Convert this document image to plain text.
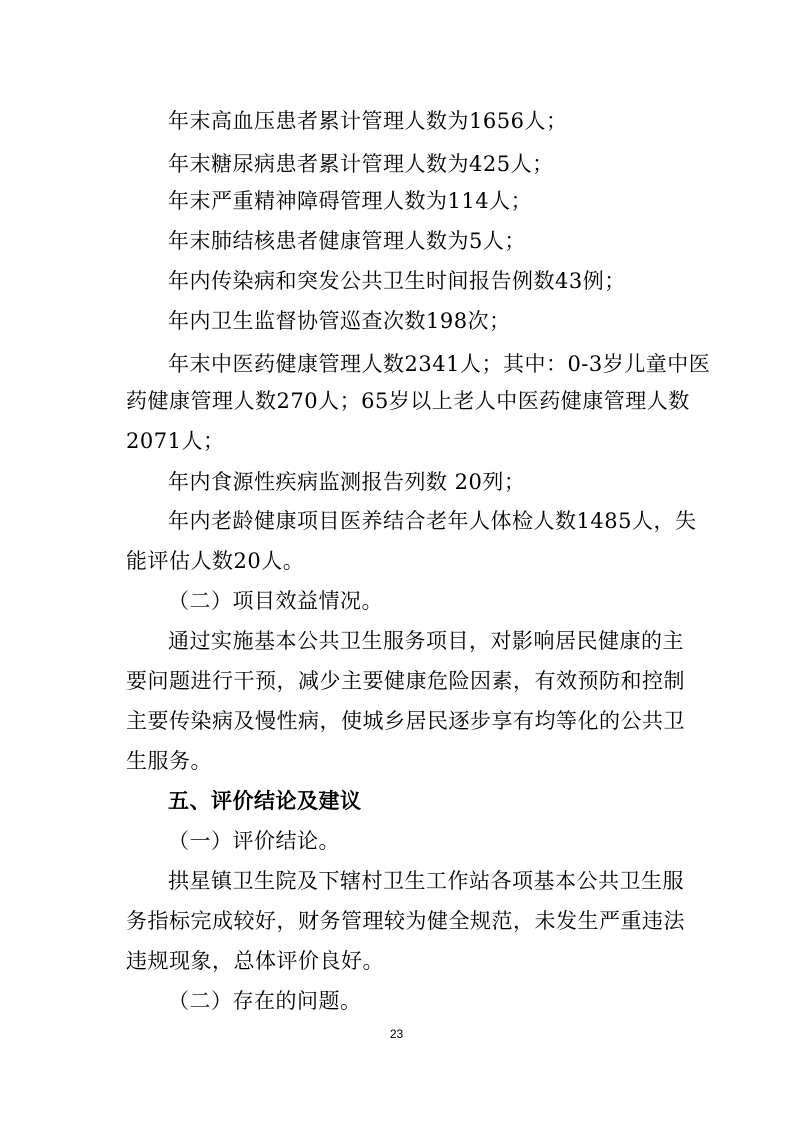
年末高血压患者累计管理人数为1656人；
年末糖尿病患者累计管理人数为425人；
年末严重精神障碍管理人数为114人；
年末肺结核患者健康管理人数为5人；
年内传染病和突发公共卫生时间报告例数43例；
年内卫生监督协管巡查次数198次；
年末中医药健康管理人数2341人；其中：0-3岁儿童中医
药健康管理人数270人；65岁以上老人中医药健康管理人数
2071人；
年内食源性疾病监测报告列数 20列；
年内老龄健康项目医养结合老年人体检人数1485人，失
能评估人数20人。
（二）项目效益情况。
通过实施基本公共卫生服务项目，对影响居民健康的主
要问题进行干预，减少主要健康危险因素，有效预防和控制
主要传染病及慢性病，使城乡居民逐步享有均等化的公共卫
生服务。
五、评价结论及建议
（一）评价结论。
拱星镇卫生院及下辖村卫生工作站各项基本公共卫生服
务指标完成较好，财务管理较为健全规范，未发生严重违法
违规现象，总体评价良好。
（二）存在的问题。
23
